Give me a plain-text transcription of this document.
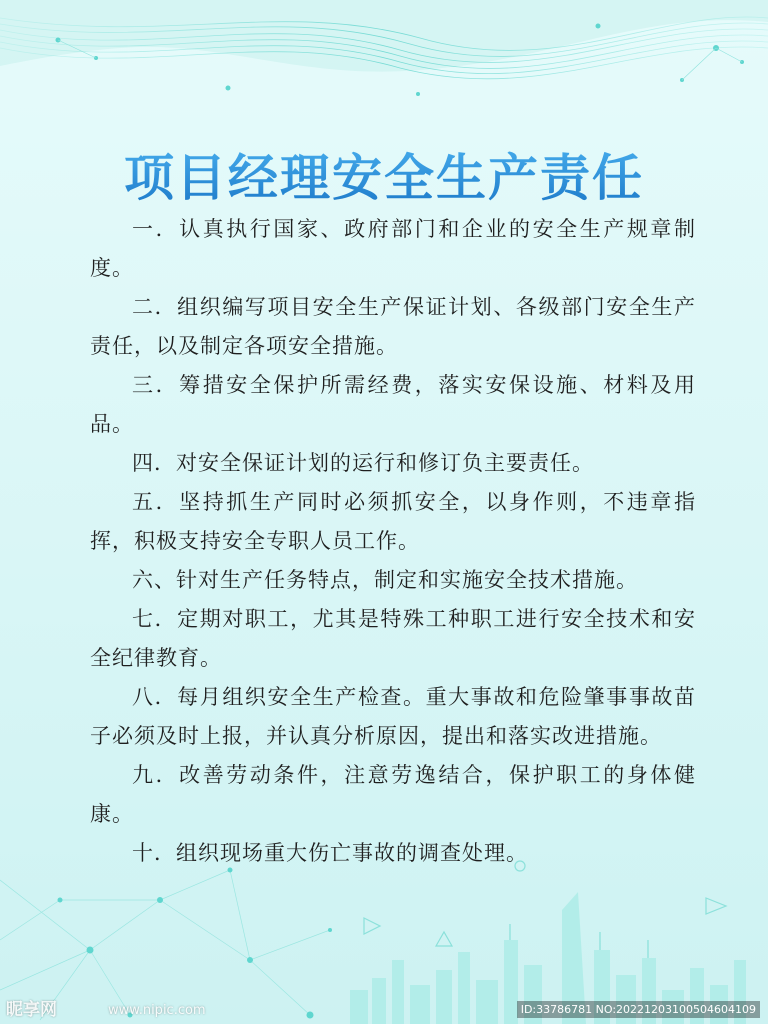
项目经理安全生产责任

一．认真执行国家、政府部门和企业的安全生产规章制度。

二．组织编写项目安全生产保证计划、各级部门安全生产责任，以及制定各项安全措施。

三．筹措安全保护所需经费，落实安保设施、材料及用品。

四．对安全保证计划的运行和修订负主要责任。

五．坚持抓生产同时必须抓安全，以身作则，不违章指挥，积极支持安全专职人员工作。

六、针对生产任务特点，制定和实施安全技术措施。

七．定期对职工，尤其是特殊工种职工进行安全技术和安全纪律教育。

八．每月组织安全生产检查。重大事故和危险肇事事故苗子必须及时上报，并认真分析原因，提出和落实改进措施。

九．改善劳动条件，注意劳逸结合，保护职工的身体健康。

十．组织现场重大伤亡事故的调查处理。

昵享网	www.nipic.com	ID:33786781 NO:20221203100504604109
